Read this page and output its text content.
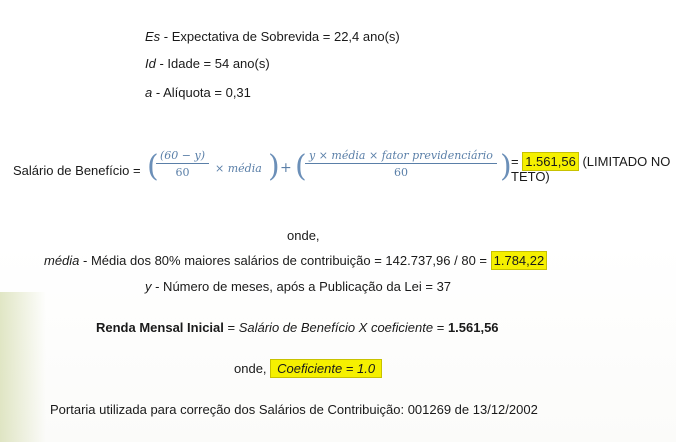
Es - Expectativa de Sobrevida = 22,4 ano(s)
Id - Idade = 54 ano(s)
a - Alíquota = 0,31
Salário de Benefício = (
$\frac{(60 - y)}{60}$ × média ) + ( y × média × fator previdenciário
60	) = 1.561,56 (LIMITADO NO
TETO)
onde,
média - Média dos 80% maiores salários de contribuição = 142.737,96 / 80 = 1.784,22
y - Número de meses, após a Publicação da Lei = 37
Renda Mensal Inicial = Salário de Benefício X coeficiente = 1.561,56
onde, Coeficiente = 1.0
Portaria utilizada para correção dos Salários de Contribuição: 001269 de 13/12/2002
